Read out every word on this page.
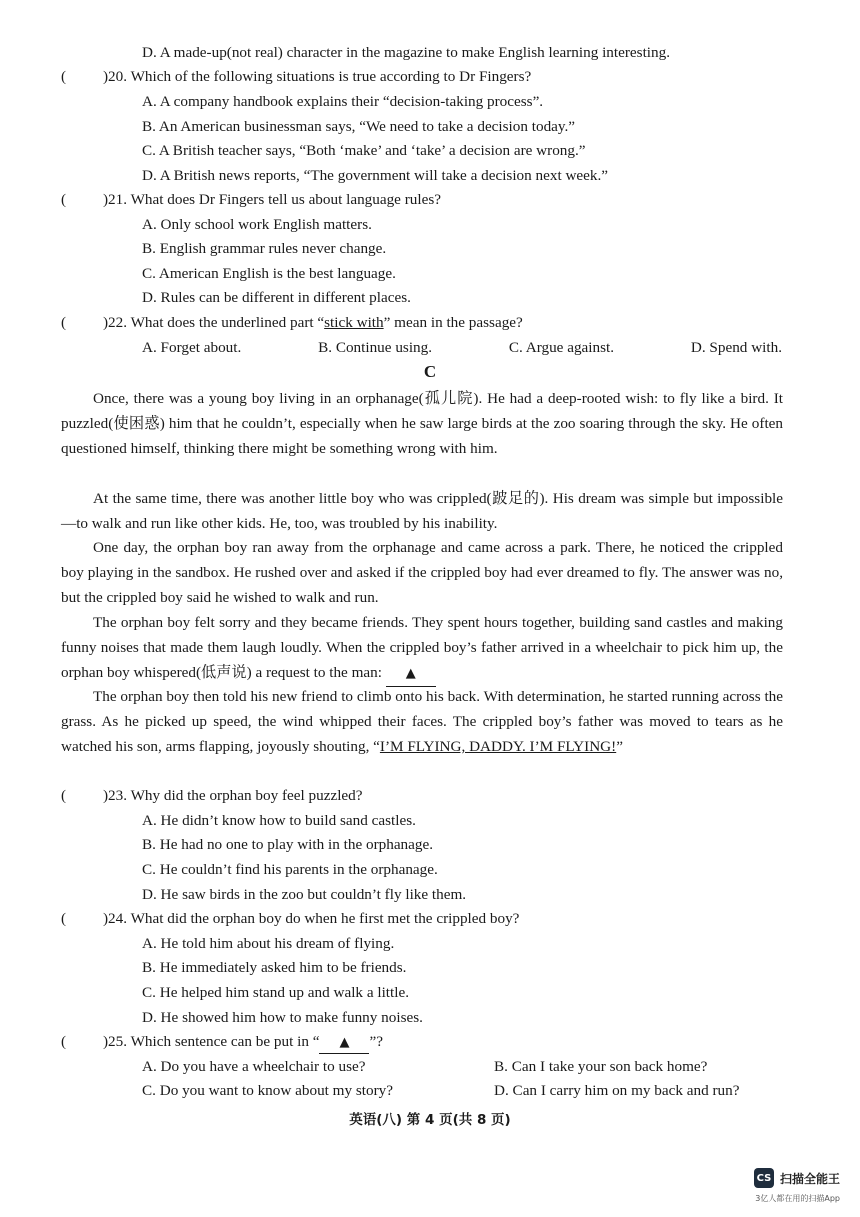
D. A made-up(not real) character in the magazine to make English learning interesting.
( )20. Which of the following situations is true according to Dr Fingers?
A. A company handbook explains their “decision-taking process”.
B. An American businessman says, “We need to take a decision today.”
C. A British teacher says, “Both ‘make’ and ‘take’ a decision are wrong.”
D. A British news reports, “The government will take a decision next week.”
( )21. What does Dr Fingers tell us about language rules?
A. Only school work English matters.
B. English grammar rules never change.
C. American English is the best language.
D. Rules can be different in different places.
( )22. What does the underlined part “stick with” mean in the passage?
A. Forget about.	B. Continue using.	C. Argue against.	D. Spend with.
C
Once, there was a young boy living in an orphanage(孤儿院). He had a deep-rooted wish: to fly like a bird. It puzzled(使困惑) him that he couldn’t, especially when he saw large birds at the zoo soaring through the sky. He often questioned himself, thinking there might be something wrong with him.
At the same time, there was another little boy who was crippled(跛足的). His dream was simple but impossible—to walk and run like other kids. He, too, was troubled by his inability.
One day, the orphan boy ran away from the orphanage and came across a park. There, he noticed the crippled boy playing in the sandbox. He rushed over and asked if the crippled boy had ever dreamed to fly. The answer was no, but the crippled boy said he wished to walk and run.
The orphan boy felt sorry and they became friends. They spent hours together, building sand castles and making funny noises that made them laugh loudly. When the crippled boy’s father arrived in a wheelchair to pick him up, the orphan boy whispered(低声说) a request to the man: ▲
The orphan boy then told his new friend to climb onto his back. With determination, he started running across the grass. As he picked up speed, the wind whipped their faces. The crippled boy’s father was moved to tears as he watched his son, arms flapping, joyously shouting, “I’M FLYING, DADDY. I’M FLYING!”
( )23. Why did the orphan boy feel puzzled?
A. He didn’t know how to build sand castles.
B. He had no one to play with in the orphanage.
C. He couldn’t find his parents in the orphanage.
D. He saw birds in the zoo but couldn’t fly like them.
( )24. What did the orphan boy do when he first met the crippled boy?
A. He told him about his dream of flying.
B. He immediately asked him to be friends.
C. He helped him stand up and walk a little.
D. He showed him how to make funny noises.
( )25. Which sentence can be put in “ ▲ ”?
A. Do you have a wheelchair to use?	B. Can I take your son back home?
C. Do you want to know about my story?	D. Can I carry him on my back and run?
英语(八) 第 4 页(共 8 页)
CS 扫描全能王
3亿人都在用的扫描App
